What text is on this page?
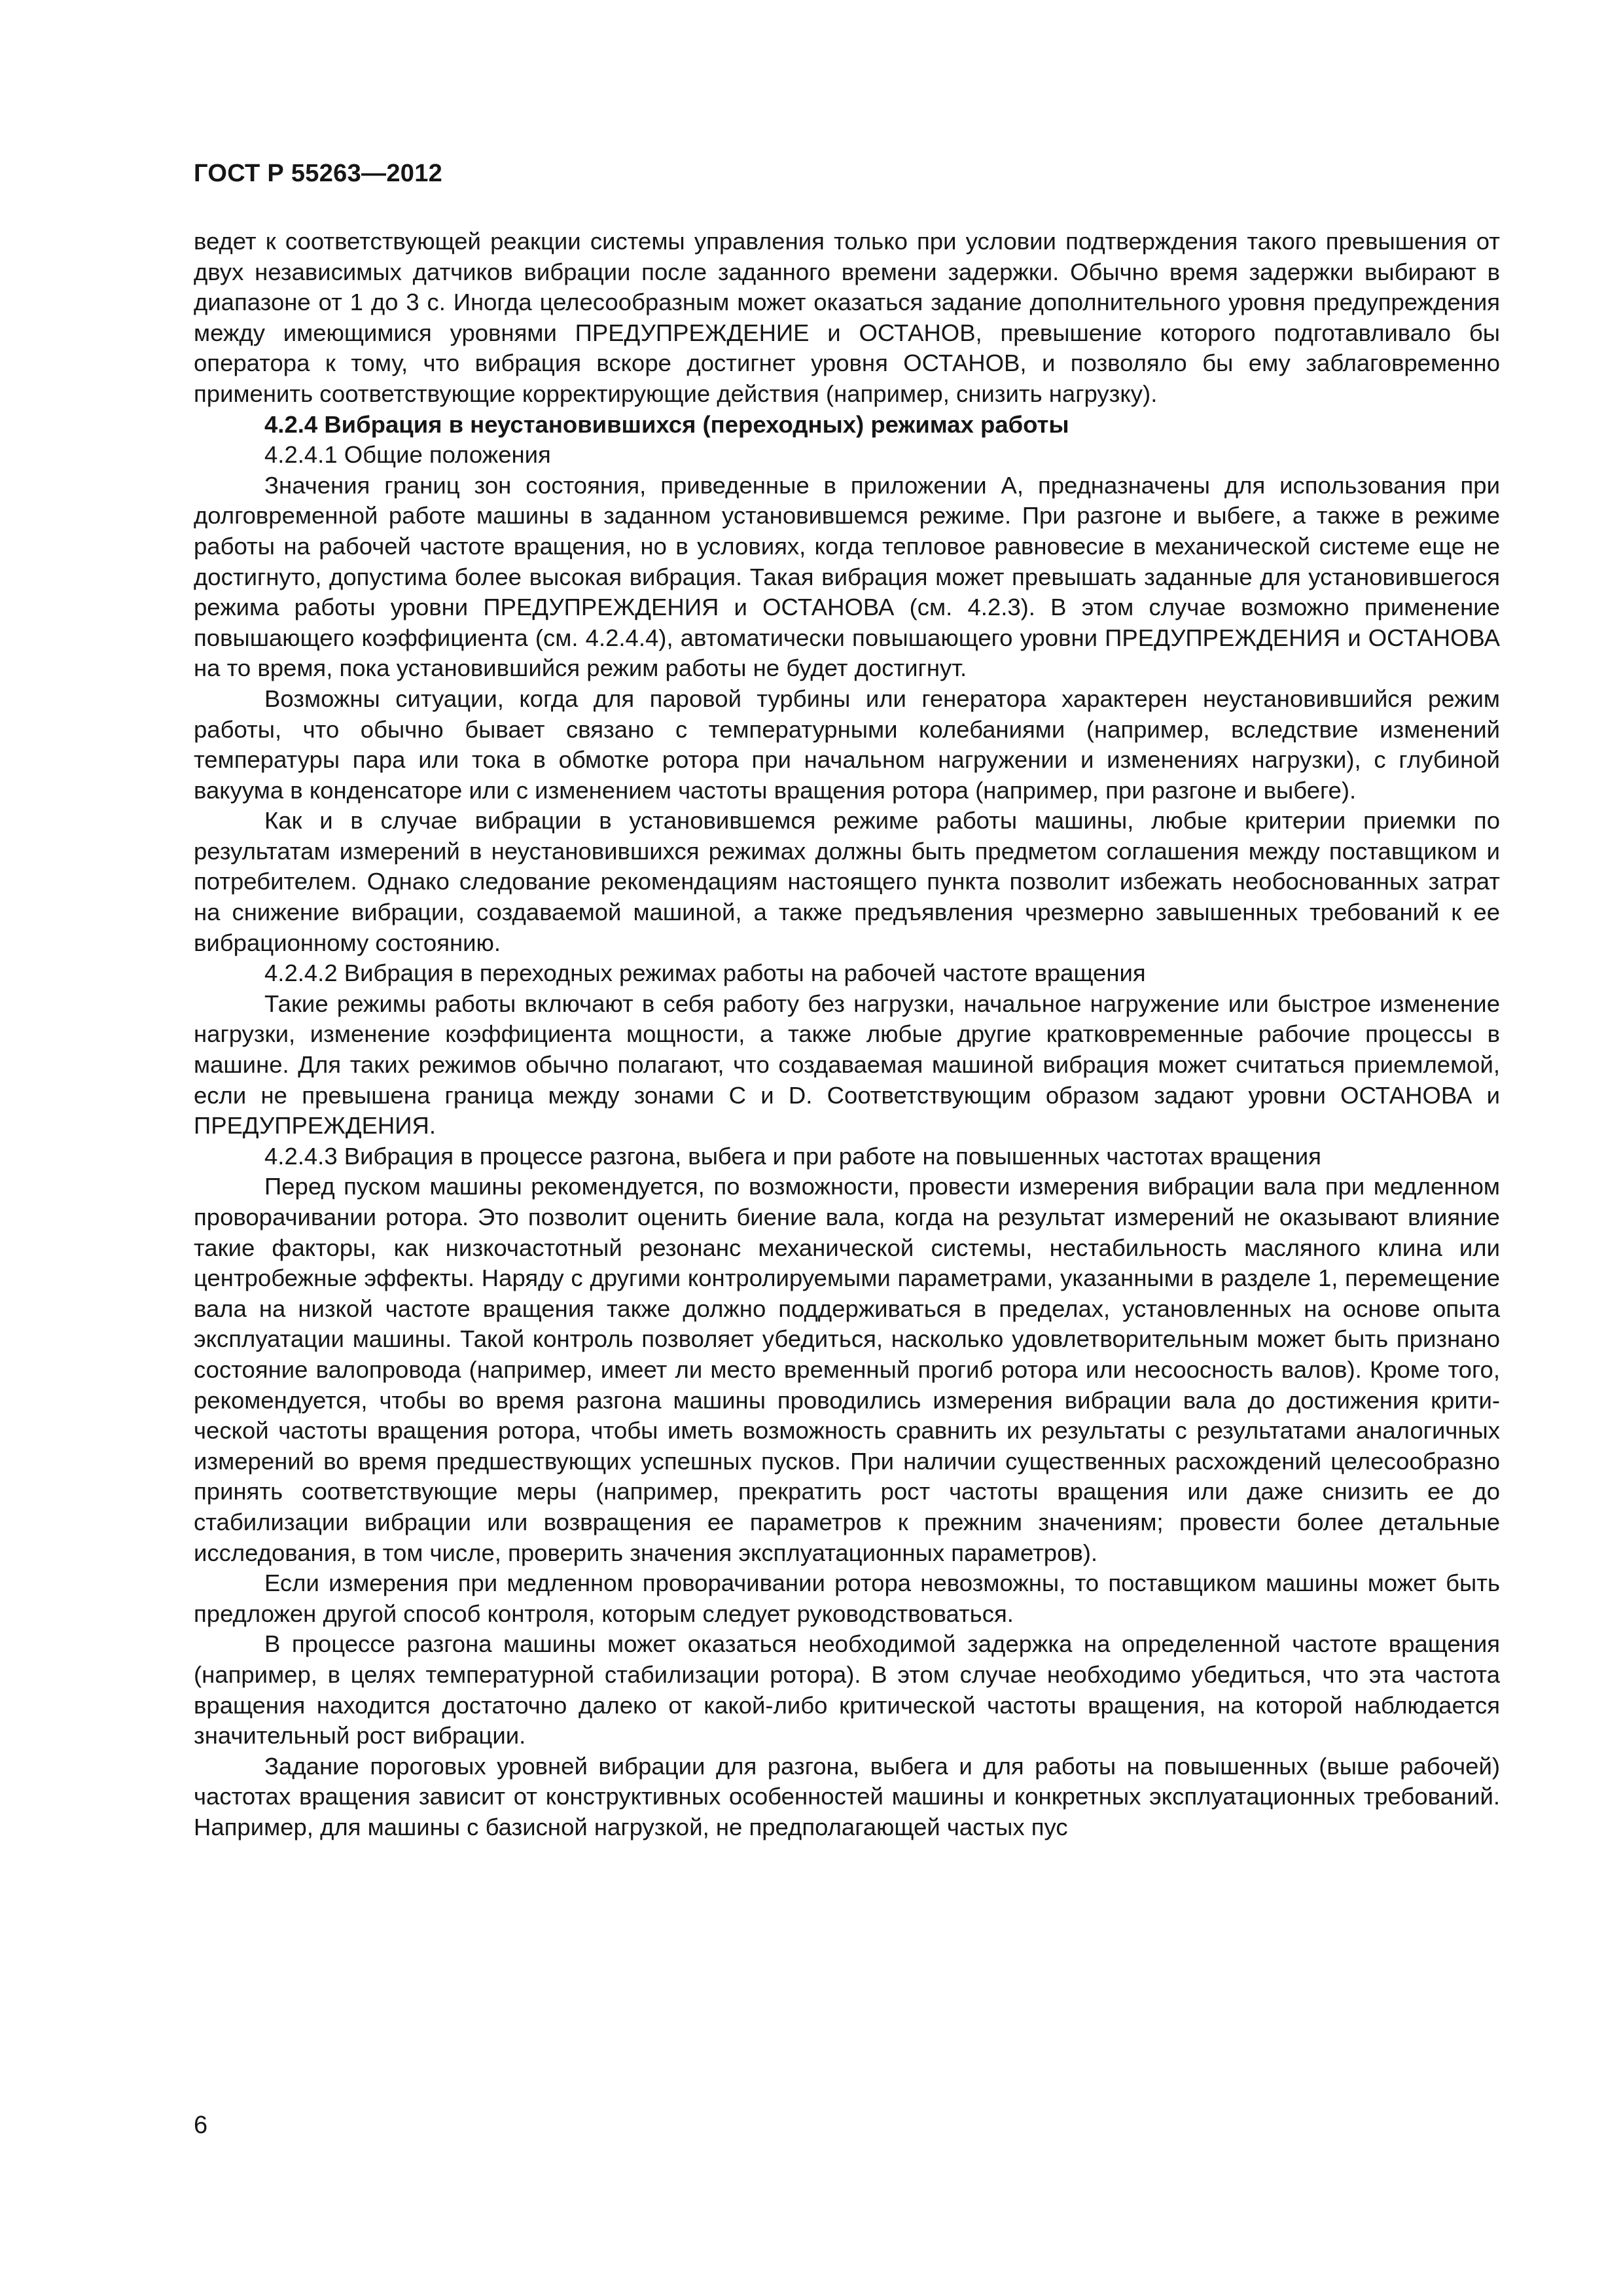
ГОСТ Р 55263—2012

ведет к соответствующей реакции системы управления только при условии подтверждения такого превышения от двух независимых датчиков вибрации после заданного времени задержки. Обычно время задержки выбирают в диапазоне от 1 до 3 с. Иногда целесообразным может оказаться задание дополнительного уровня предупреждения между имеющимися уровнями ПРЕДУПРЕЖДЕНИЕ и ОСТАНОВ, превышение которого подготавливало бы оператора к тому, что вибрация вскоре достигнет уровня ОСТАНОВ, и позволяло бы ему заблаговременно применить соответствующие корректирующие действия (например, снизить нагрузку).

4.2.4 Вибрация в неустановившихся (переходных) режимах работы

4.2.4.1 Общие положения

Значения границ зон состояния, приведенные в приложении А, предназначены для использования при долговременной работе машины в заданном установившемся режиме. При разгоне и выбеге, а также в режиме работы на рабочей частоте вращения, но в условиях, когда тепловое равновесие в механической системе еще не достигнуто, допустима более высокая вибрация. Такая вибрация может превышать заданные для установившегося режима работы уровни ПРЕДУПРЕЖДЕНИЯ и ОСТАНОВА (см. 4.2.3). В этом случае возможно применение повышающего коэффициента (см. 4.2.4.4), автоматически повышающего уровни ПРЕДУПРЕЖДЕНИЯ и ОСТАНОВА на то время, пока установившийся режим работы не будет достигнут.

Возможны ситуации, когда для паровой турбины или генератора характерен неустановившийся режим работы, что обычно бывает связано с температурными колебаниями (например, вследствие изменений температуры пара или тока в обмотке ротора при начальном нагружении и изменениях нагрузки), с глубиной вакуума в конденсаторе или с изменением частоты вращения ротора (например, при разгоне и выбеге).

Как и в случае вибрации в установившемся режиме работы машины, любые критерии приемки по результатам измерений в неустановившихся режимах должны быть предметом соглашения между поставщиком и потребителем. Однако следование рекомендациям настоящего пункта позволит избежать необоснованных затрат на снижение вибрации, создаваемой машиной, а также предъявления чрезмерно завышенных требований к ее вибрационному состоянию.

4.2.4.2 Вибрация в переходных режимах работы на рабочей частоте вращения

Такие режимы работы включают в себя работу без нагрузки, начальное нагружение или быстрое изменение нагрузки, изменение коэффициента мощности, а также любые другие кратковременные рабочие процессы в машине. Для таких режимов обычно полагают, что создаваемая машиной вибрация может считаться приемлемой, если не превышена граница между зонами С и D. Соответствующим образом задают уровни ОСТАНОВА и ПРЕДУПРЕЖДЕНИЯ.

4.2.4.3 Вибрация в процессе разгона, выбега и при работе на повышенных частотах вращения

Перед пуском машины рекомендуется, по возможности, провести измерения вибрации вала при медленном проворачивании ротора. Это позволит оценить биение вала, когда на результат измерений не оказывают влияние такие факторы, как низкочастотный резонанс механической системы, нестабильность масляного клина или центробежные эффекты. Наряду с другими контролируемыми параметрами, указанными в разделе 1, перемещение вала на низкой частоте вращения также должно поддерживаться в пределах, установленных на основе опыта эксплуатации машины. Такой контроль позволяет убедиться, насколько удовлетворительным может быть признано состояние валопровода (например, имеет ли место временный прогиб ротора или несоосность валов). Кроме того, рекомендуется, чтобы во время разгона машины проводились измерения вибрации вала до достижения критической частоты вращения ротора, чтобы иметь возможность сравнить их результаты с результатами аналогичных измерений во время предшествующих успешных пусков. При наличии существенных расхождений целесообразно принять соответствующие меры (например, прекратить рост частоты вращения или даже снизить ее до стабилизации вибрации или возвращения ее параметров к прежним значениям; провести более детальные исследования, в том числе, проверить значения эксплуатационных параметров).

Если измерения при медленном проворачивании ротора невозможны, то поставщиком машины может быть предложен другой способ контроля, которым следует руководствоваться.

В процессе разгона машины может оказаться необходимой задержка на определенной частоте вращения (например, в целях температурной стабилизации ротора). В этом случае необходимо убедиться, что эта частота вращения находится достаточно далеко от какой-либо критической частоты вращения, на которой наблюдается значительный рост вибрации.

Задание пороговых уровней вибрации для разгона, выбега и для работы на повышенных (выше рабочей) частотах вращения зависит от конструктивных особенностей машины и конкретных эксплуатационных требований. Например, для машины с базисной нагрузкой, не предполагающей частых пус

6
